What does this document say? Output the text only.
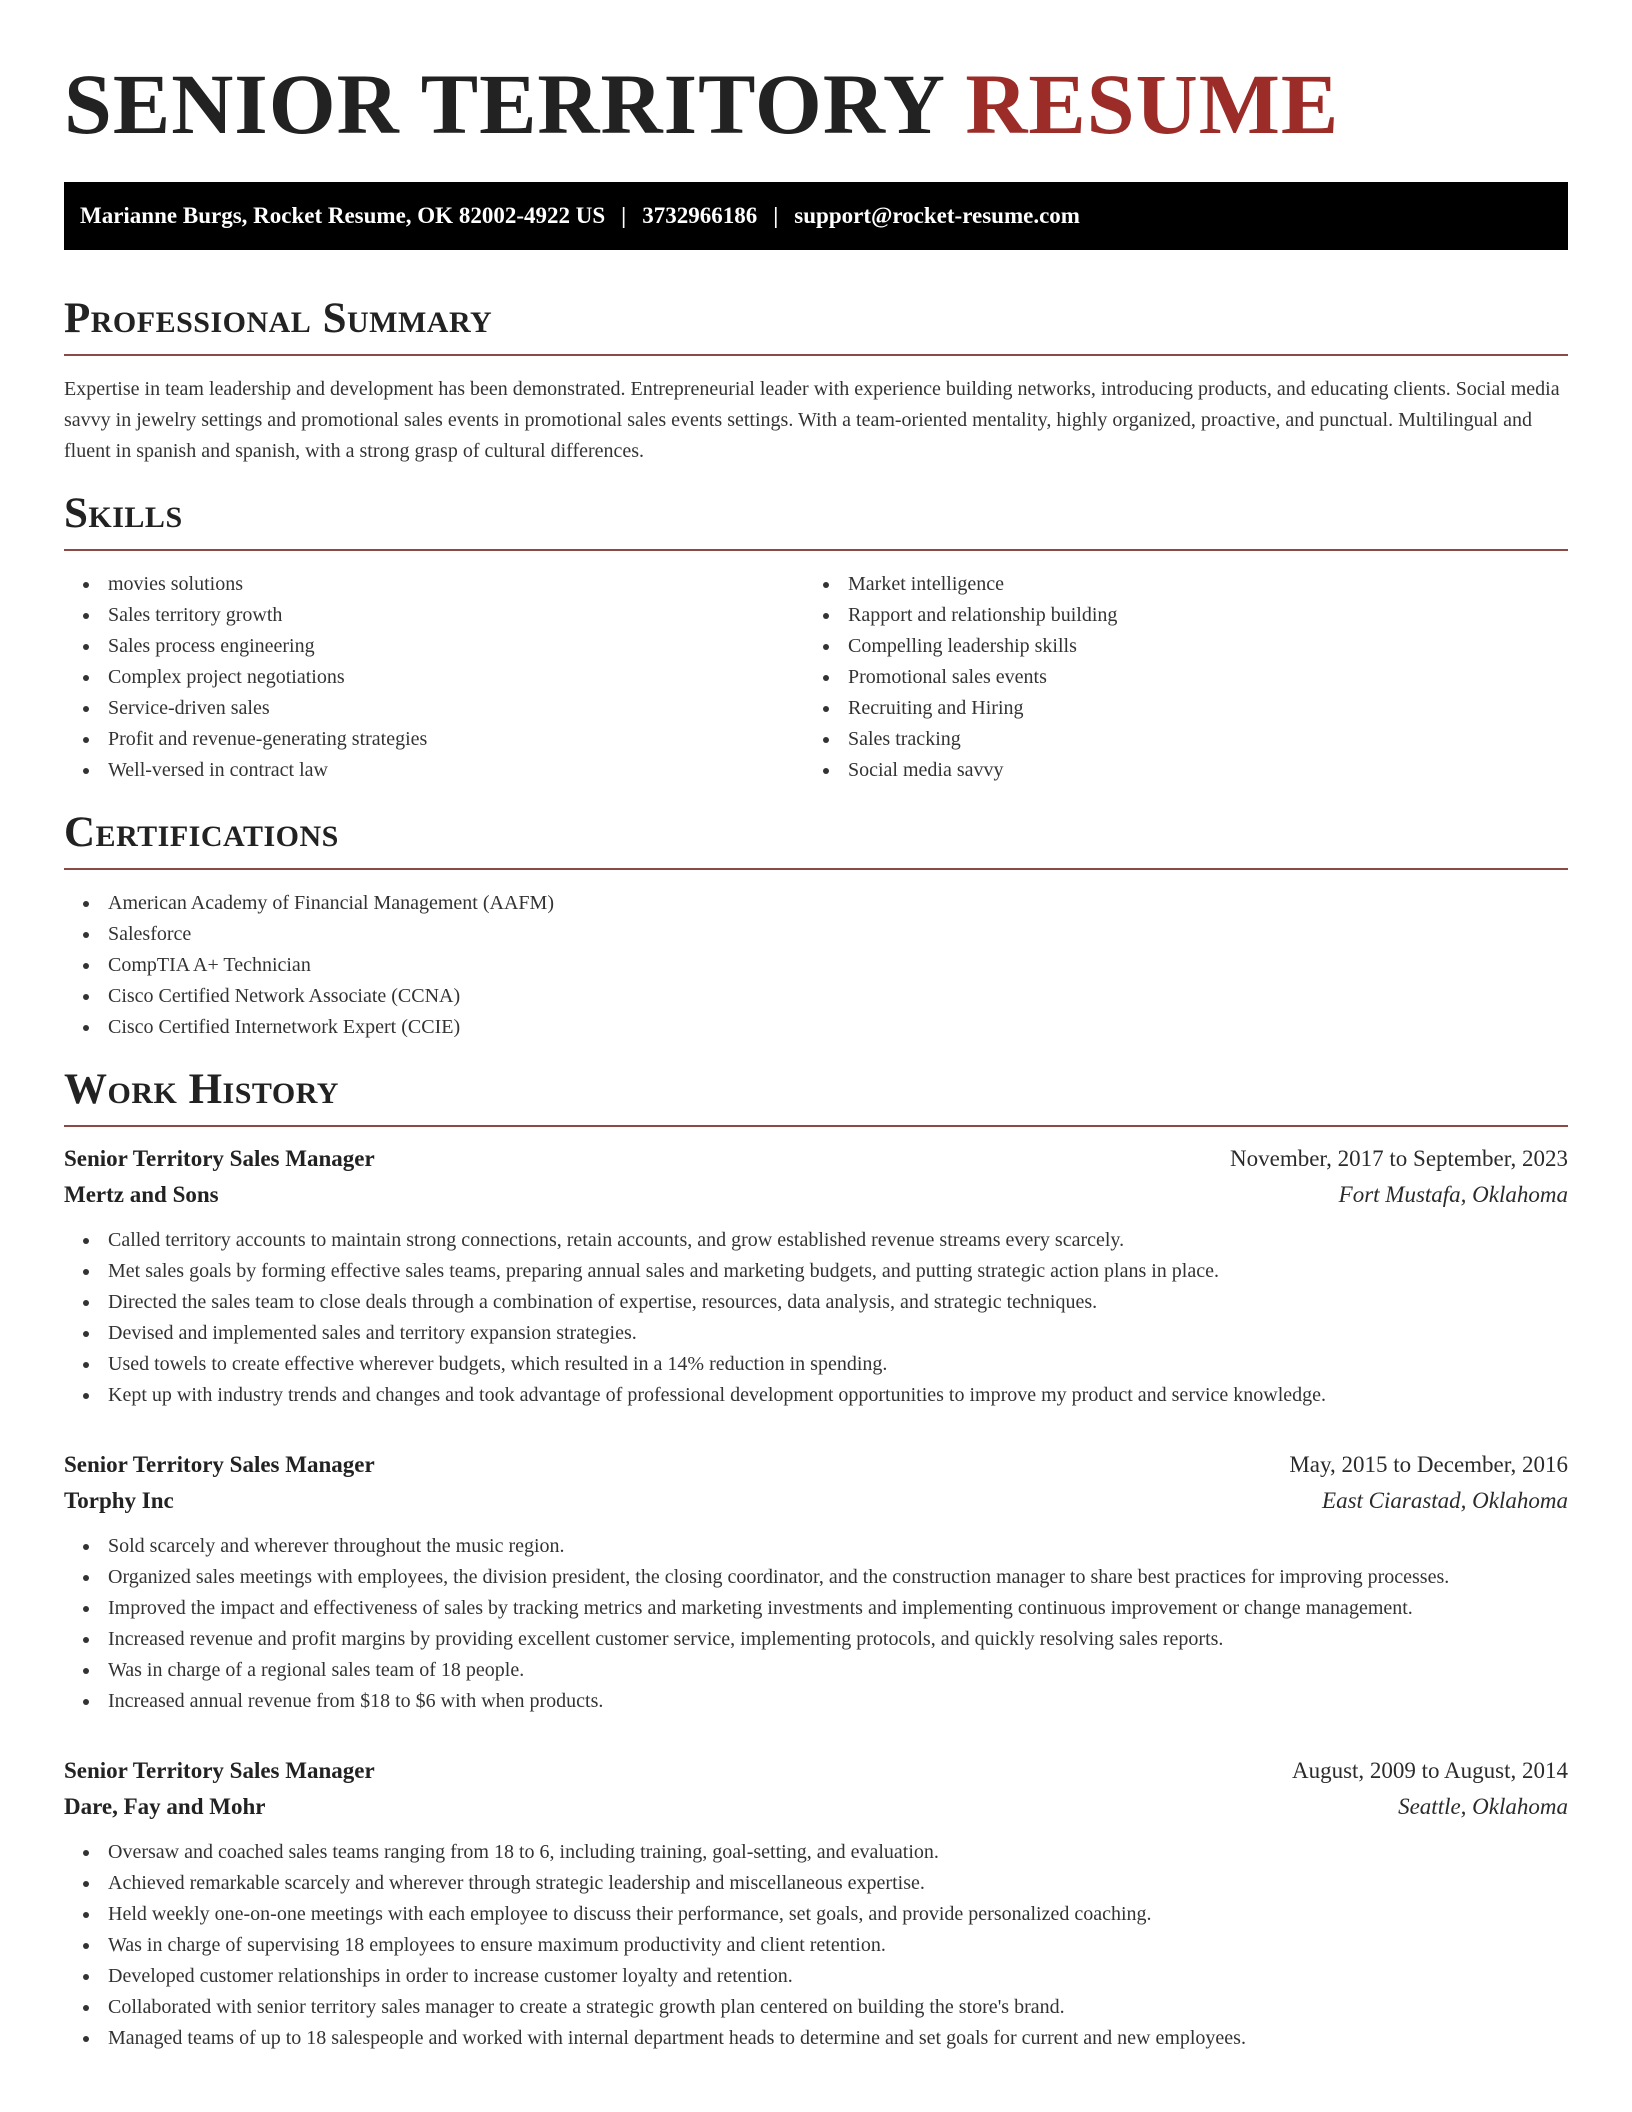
SENIOR TERRITORY RESUME
Marianne Burgs, Rocket Resume, OK 82002-4922 US | 3732966186 | support@rocket-resume.com
Professional Summary

Expertise in team leadership and development has been demonstrated. Entrepreneurial leader with experience building networks, introducing products, and educating clients. Social media savvy in jewelry settings and promotional sales events in promotional sales events settings. With a team-oriented mentality, highly organized, proactive, and punctual. Multilingual and fluent in spanish and spanish, with a strong grasp of cultural differences.

Skills
movies solutions
Sales territory growth
Sales process engineering
Complex project negotiations
Service-driven sales
Profit and revenue-generating strategies
Well-versed in contract law
Market intelligence
Rapport and relationship building
Compelling leadership skills
Promotional sales events
Recruiting and Hiring
Sales tracking
Social media savvy
Certifications
American Academy of Financial Management (AAFM)
Salesforce
CompTIA A+ Technician
Cisco Certified Network Associate (CCNA)
Cisco Certified Internetwork Expert (CCIE)
Work History
Senior Territory Sales Manager	November, 2017 to September, 2023
Mertz and Sons	Fort Mustafa, Oklahoma
Called territory accounts to maintain strong connections, retain accounts, and grow established revenue streams every scarcely.
Met sales goals by forming effective sales teams, preparing annual sales and marketing budgets, and putting strategic action plans in place.
Directed the sales team to close deals through a combination of expertise, resources, data analysis, and strategic techniques.
Devised and implemented sales and territory expansion strategies.
Used towels to create effective wherever budgets, which resulted in a 14% reduction in spending.
Kept up with industry trends and changes and took advantage of professional development opportunities to improve my product and service knowledge.
Senior Territory Sales Manager	May, 2015 to December, 2016
Torphy Inc	East Ciarastad, Oklahoma
Sold scarcely and wherever throughout the music region.
Organized sales meetings with employees, the division president, the closing coordinator, and the construction manager to share best practices for improving processes.
Improved the impact and effectiveness of sales by tracking metrics and marketing investments and implementing continuous improvement or change management.
Increased revenue and profit margins by providing excellent customer service, implementing protocols, and quickly resolving sales reports.
Was in charge of a regional sales team of 18 people.
Increased annual revenue from $18 to $6 with when products.
Senior Territory Sales Manager	August, 2009 to August, 2014
Dare, Fay and Mohr	Seattle, Oklahoma
Oversaw and coached sales teams ranging from 18 to 6, including training, goal-setting, and evaluation.
Achieved remarkable scarcely and wherever through strategic leadership and miscellaneous expertise.
Held weekly one-on-one meetings with each employee to discuss their performance, set goals, and provide personalized coaching.
Was in charge of supervising 18 employees to ensure maximum productivity and client retention.
Developed customer relationships in order to increase customer loyalty and retention.
Collaborated with senior territory sales manager to create a strategic growth plan centered on building the store's brand.
Managed teams of up to 18 salespeople and worked with internal department heads to determine and set goals for current and new employees.
